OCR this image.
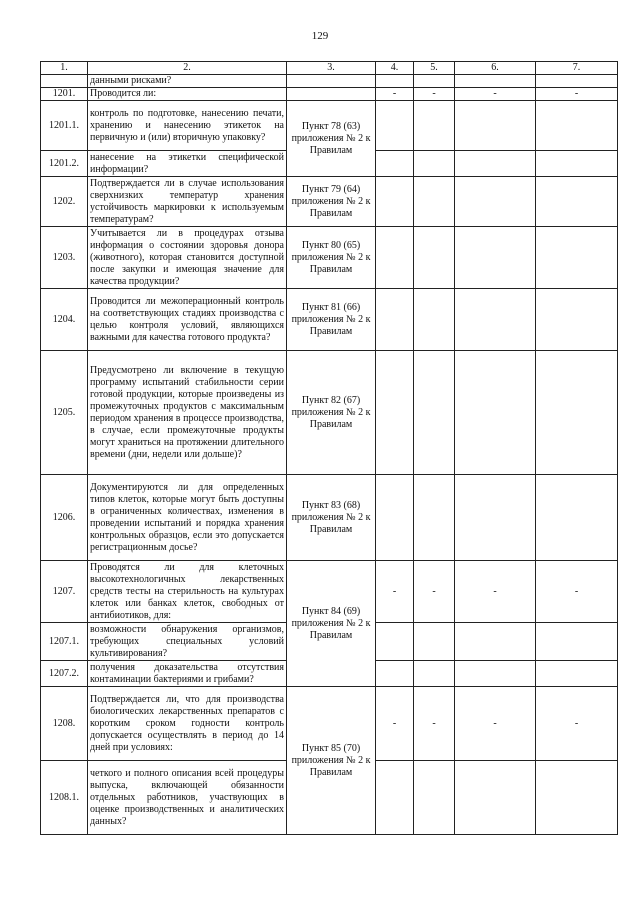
129
1.	2.	3.	4.	5.	6.	7.
	данными рисками?					
1201.	Проводится ли:		-	-	-	-
1201.1.	контроль по подготовке, нанесению печати, хранению и нанесению этикеток на первичную и (или) вторичную упаковку?	Пункт 78 (63) приложения № 2 к Правилам				
1201.2.	нанесение на этикетки специфической информации?					
1202.	Подтверждается ли в случае использования сверхнизких температур хранения устойчивость маркировки к используемым температурам?	Пункт 79 (64) приложения № 2 к Правилам				
1203.	Учитывается ли в процедурах отзыва информация о состоянии здоровья донора (животного), которая становится доступной после закупки и имеющая значение для качества продукции?	Пункт 80 (65) приложения № 2 к Правилам				
1204.	Проводится ли межоперационный контроль на соответствующих стадиях производства с целью контроля условий, являющихся важными для качества готового продукта?	Пункт 81 (66) приложения № 2 к Правилам				
1205.	Предусмотрено ли включение в текущую программу испытаний стабильности серии готовой продукции, которые произведены из промежуточных продуктов с максимальным периодом хранения в процессе производства, в случае, если промежуточные продукты могут храниться на протяжении длительного времени (дни, недели или дольше)?	Пункт 82 (67) приложения № 2 к Правилам				
1206.	Документируются ли для определенных типов клеток, которые могут быть доступны в ограниченных количествах, изменения в проведении испытаний и порядка хранения контрольных образцов, если это допускается регистрационным досье?	Пункт 83 (68) приложения № 2 к Правилам				
1207.	Проводятся ли для клеточных высокотехнологичных лекарственных средств тесты на стерильность на культурах клеток или банках клеток, свободных от антибиотиков, для:	Пункт 84 (69) приложения № 2 к Правилам	-	-	-	-
1207.1.	возможности обнаружения организмов, требующих специальных условий культивирования?					
1207.2.	получения доказательства отсутствия контаминации бактериями и грибами?					
1208.	Подтверждается ли, что для производства биологических лекарственных препаратов с коротким сроком годности контроль допускается осуществлять в период до 14 дней при условиях:	Пункт 85 (70) приложения № 2 к Правилам	-	-	-	-
1208.1.	четкого и полного описания всей процедуры выпуска, включающей обязанности отдельных работников, участвующих в оценке производственных и аналитических данных?					
